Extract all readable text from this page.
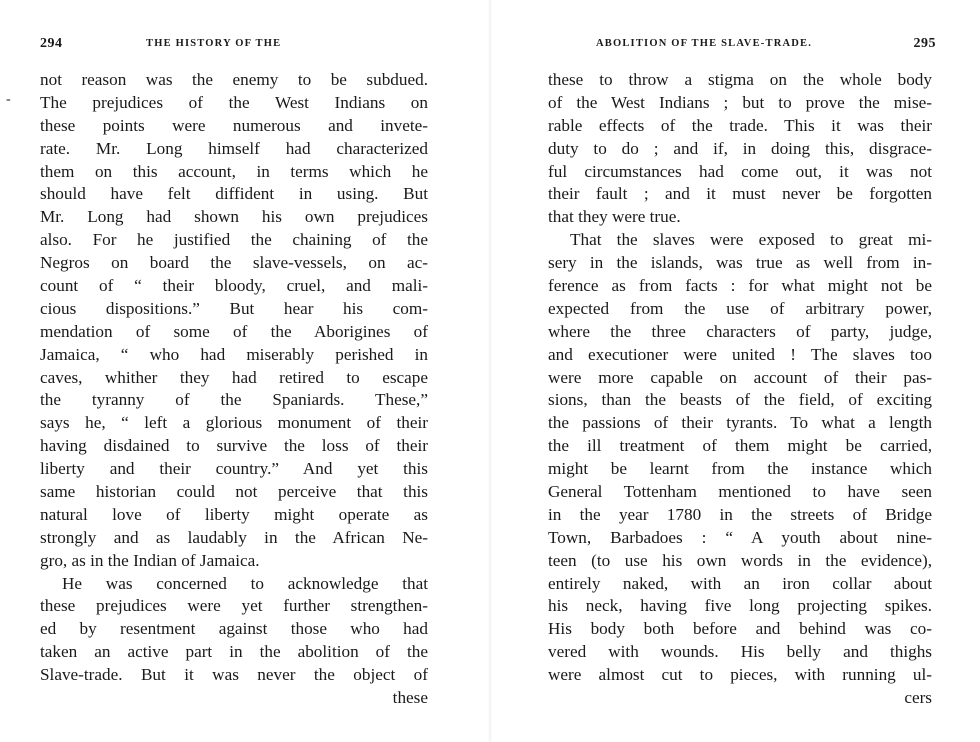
294	THE HISTORY OF THE
-
not reason was the enemy to be subdued.
The prejudices of the West Indians on
these points were numerous and invete-
rate. Mr. Long himself had characterized
them on this account, in terms which he
should have felt diffident in using. But
Mr. Long had shown his own prejudices
also. For he justified the chaining of the
Negros on board the slave-vessels, on ac-
count of “ their bloody, cruel, and mali-
cious dispositions.” But hear his com-
mendation of some of the Aborigines of
Jamaica, “ who had miserably perished in
caves, whither they had retired to escape
the tyranny of the Spaniards. These,”
says he, “ left a glorious monument of their
having disdained to survive the loss of their
liberty and their country.” And yet this
same historian could not perceive that this
natural love of liberty might operate as
strongly and as laudably in the African Ne-
gro, as in the Indian of Jamaica.
He was concerned to acknowledge that
these prejudices were yet further strengthen-
ed by resentment against those who had
taken an active part in the abolition of the
Slave-trade. But it was never the object of
these
ABOLITION OF THE SLAVE-TRADE.	295
these to throw a stigma on the whole body
of the West Indians ; but to prove the mise-
rable effects of the trade. This it was their
duty to do ; and if, in doing this, disgrace-
ful circumstances had come out, it was not
their fault ; and it must never be forgotten
that they were true.
That the slaves were exposed to great mi-
sery in the islands, was true as well from in-
ference as from facts : for what might not be
expected from the use of arbitrary power,
where the three characters of party, judge,
and executioner were united ! The slaves too
were more capable on account of their pas-
sions, than the beasts of the field, of exciting
the passions of their tyrants. To what a length
the ill treatment of them might be carried,
might be learnt from the instance which
General Tottenham mentioned to have seen
in the year 1780 in the streets of Bridge
Town, Barbadoes : “ A youth about nine-
teen (to use his own words in the evidence),
entirely naked, with an iron collar about
his neck, having five long projecting spikes.
His body both before and behind was co-
vered with wounds. His belly and thighs
were almost cut to pieces, with running ul-
cers
